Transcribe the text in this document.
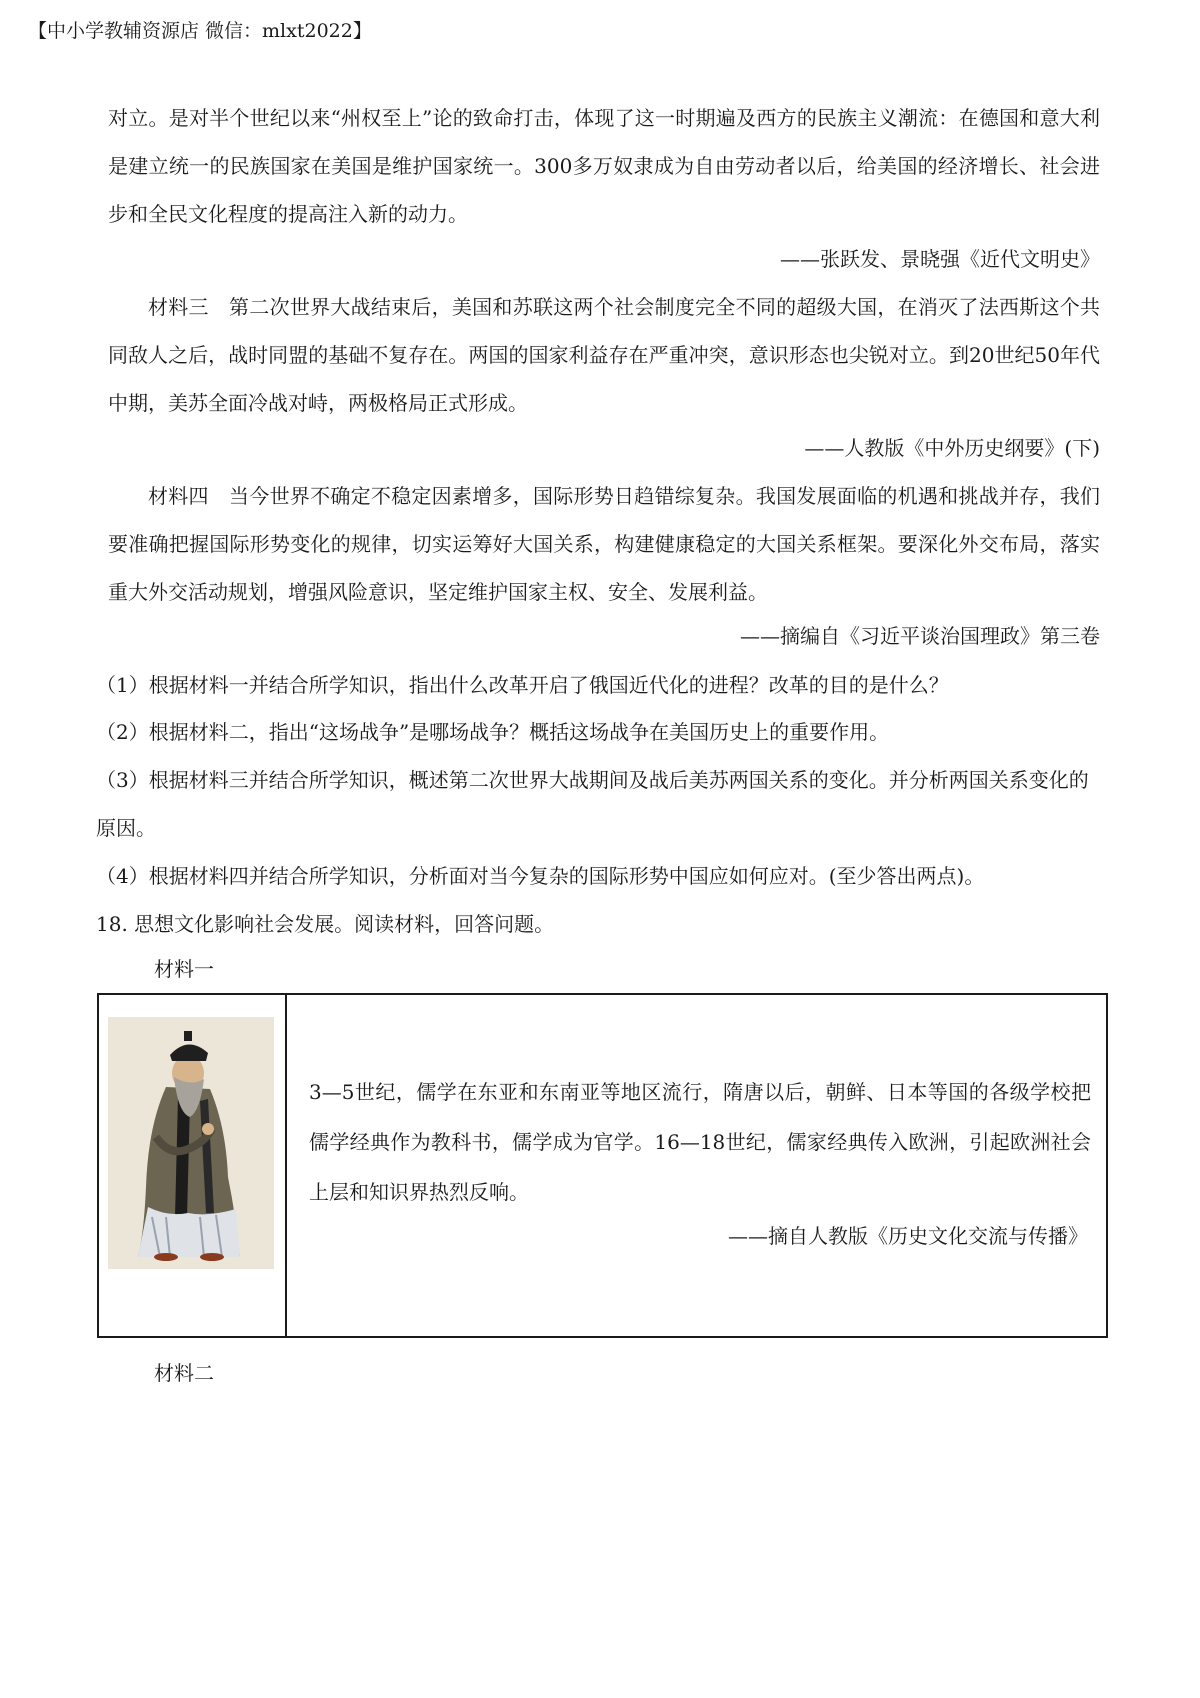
【中小学教辅资源店 微信：mlxt2022】
对立。是对半个世纪以来“州权至上”论的致命打击，体现了这一时期遍及西方的民族主义潮流：在德国和意大利是建立统一的民族国家在美国是维护国家统一。300多万奴隶成为自由劳动者以后，给美国的经济增长、社会进步和全民文化程度的提高注入新的动力。
——张跃发、景晓强《近代文明史》
材料三　第二次世界大战结束后，美国和苏联这两个社会制度完全不同的超级大国，在消灭了法西斯这个共同敌人之后，战时同盟的基础不复存在。两国的国家利益存在严重冲突，意识形态也尖锐对立。到20世纪50年代中期，美苏全面冷战对峙，两极格局正式形成。
——人教版《中外历史纲要》(下)
材料四　当今世界不确定不稳定因素增多，国际形势日趋错综复杂。我国发展面临的机遇和挑战并存，我们要准确把握国际形势变化的规律，切实运筹好大国关系，构建健康稳定的大国关系框架。要深化外交布局，落实重大外交活动规划，增强风险意识，坚定维护国家主权、安全、发展利益。
——摘编自《习近平谈治国理政》第三卷
（1）根据材料一并结合所学知识，指出什么改革开启了俄国近代化的进程？改革的目的是什么？
（2）根据材料二，指出“这场战争”是哪场战争？概括这场战争在美国历史上的重要作用。
（3）根据材料三并结合所学知识，概述第二次世界大战期间及战后美苏两国关系的变化。并分析两国关系变化的原因。
（4）根据材料四并结合所学知识，分析面对当今复杂的国际形势中国应如何应对。(至少答出两点)。
18. 思想文化影响社会发展。阅读材料，回答问题。
材料一
3—5世纪，儒学在东亚和东南亚等地区流行，隋唐以后，朝鲜、日本等国的各级学校把儒学经典作为教科书，儒学成为官学。16—18世纪，儒家经典传入欧洲，引起欧洲社会上层和知识界热烈反响。
——摘自人教版《历史文化交流与传播》
材料二
